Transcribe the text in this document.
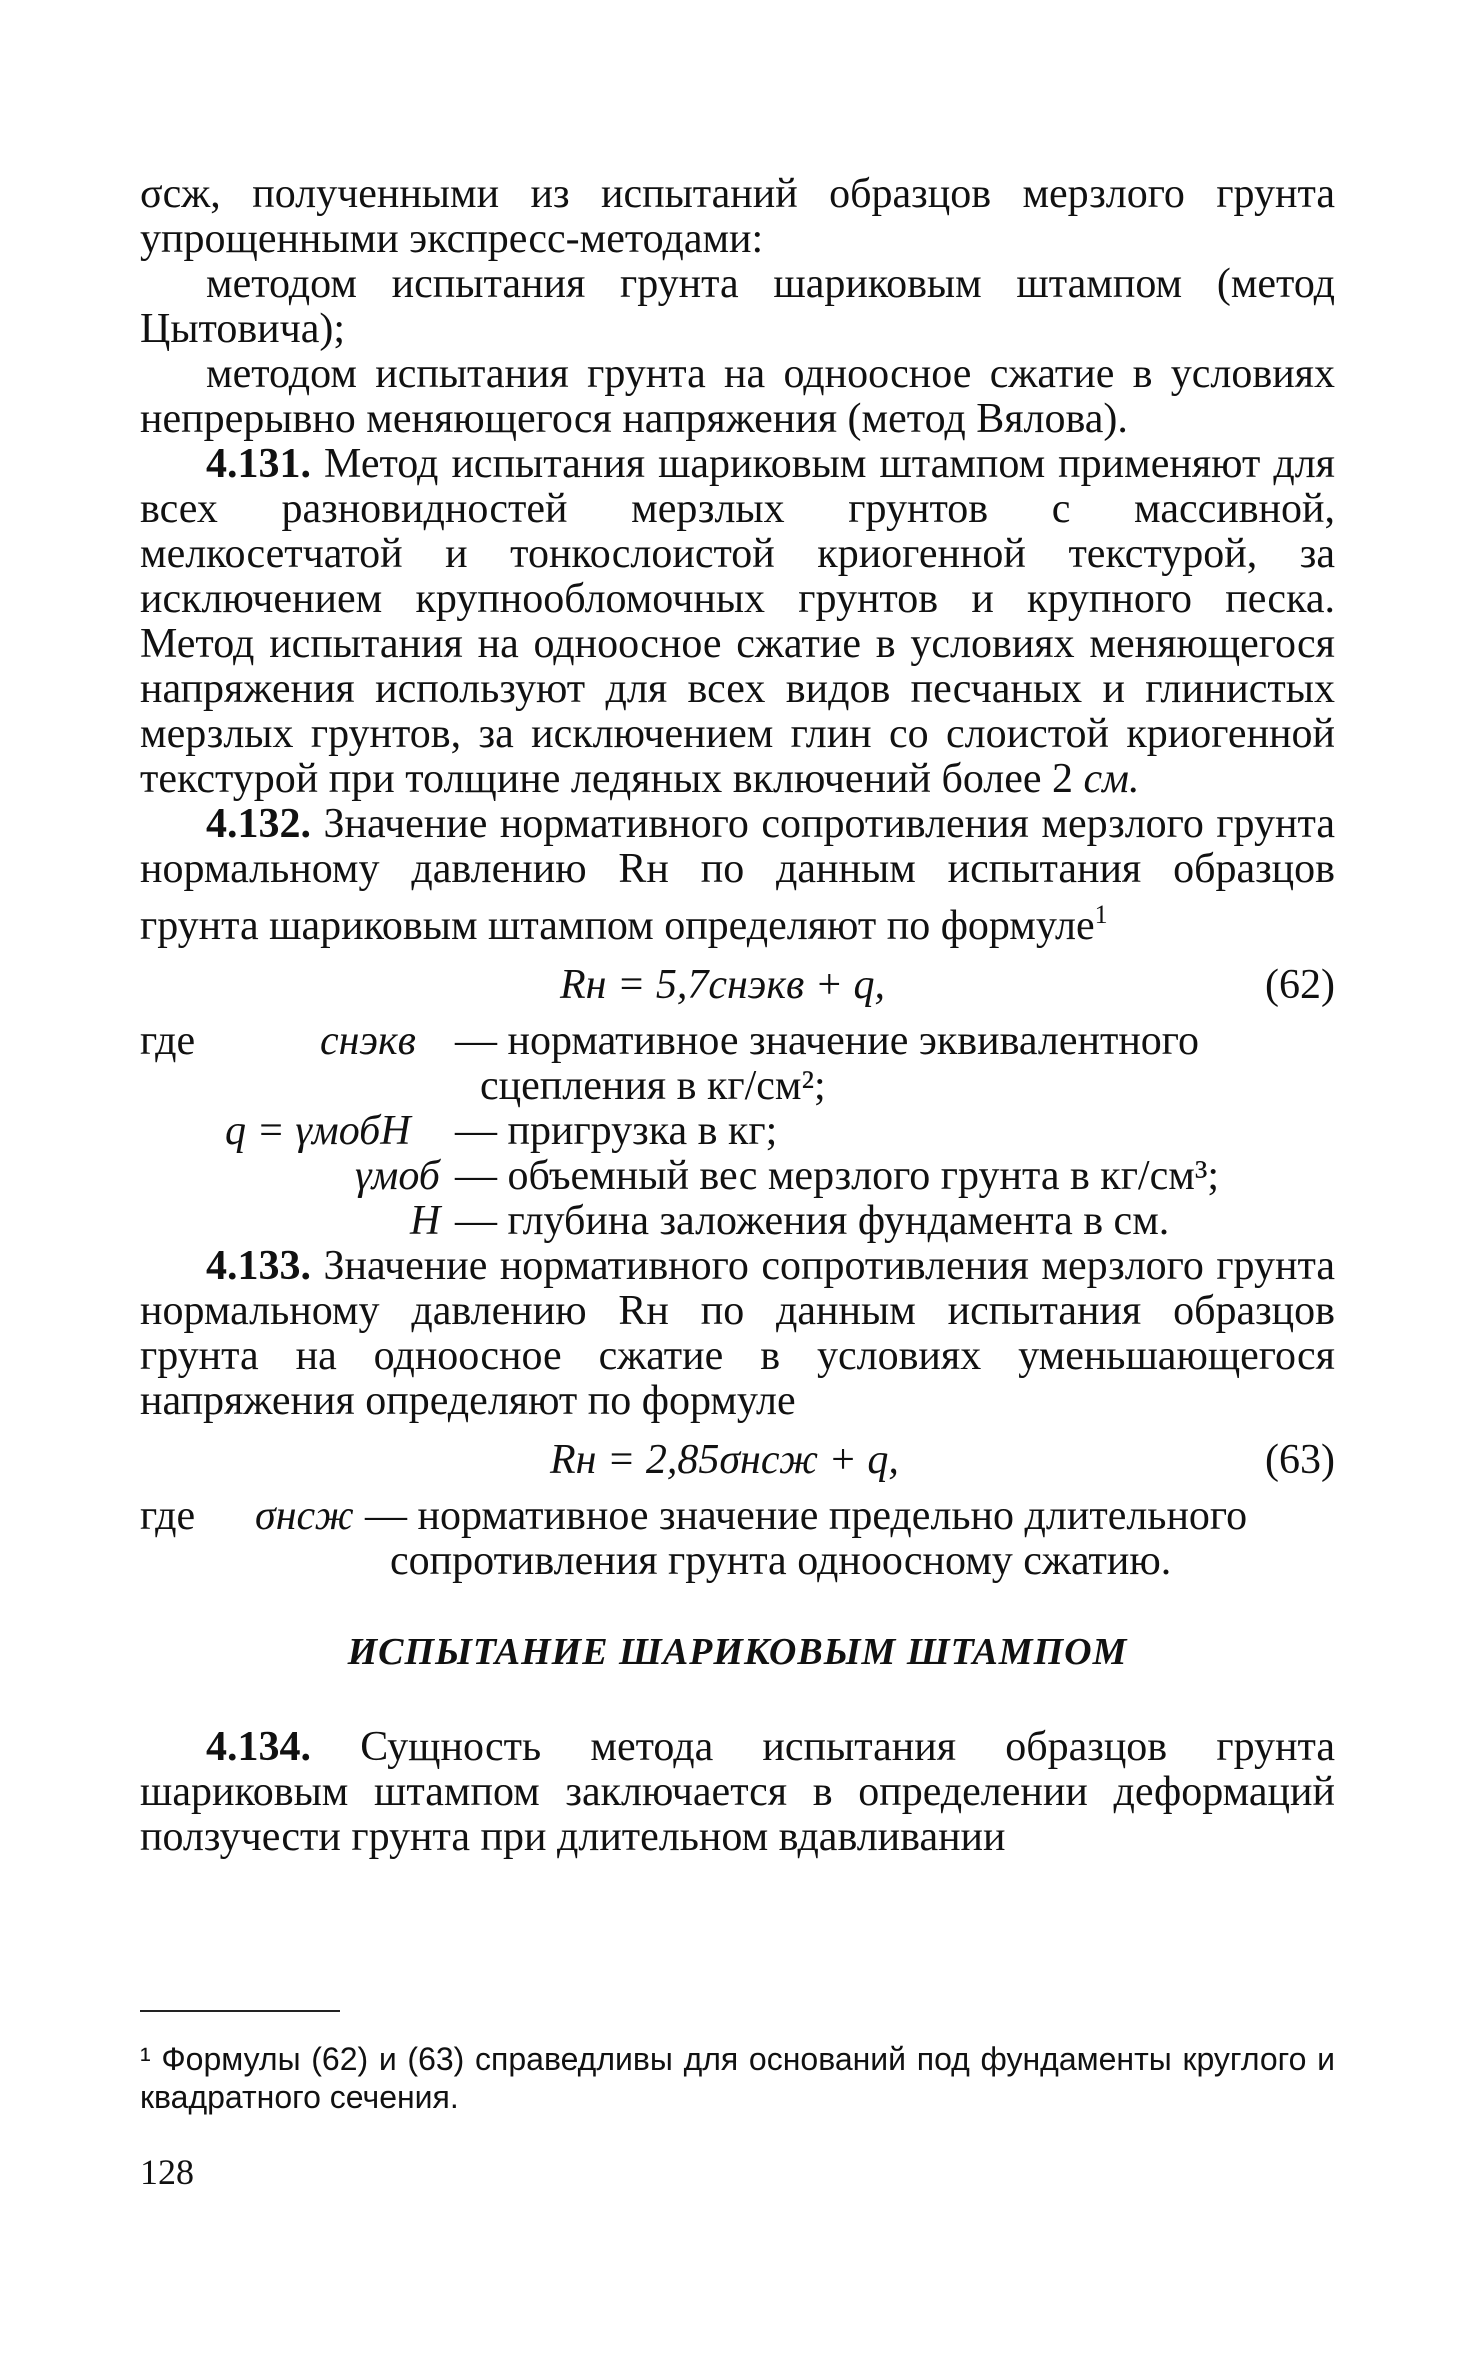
σсж, полученными из испытаний образцов мерзлого грунта упрощенными экспресс-методами:

методом испытания грунта шариковым штампом (метод Цытовича);

методом испытания грунта на одноосное сжатие в условиях непрерывно меняющегося напряжения (метод Вялова).

4.131. Метод испытания шариковым штампом применяют для всех разновидностей мерзлых грунтов с массивной, мелкосетчатой и тонкослоистой криогенной текстурой, за исключением крупнообломочных грунтов и крупного песка. Метод испытания на одноосное сжатие в условиях меняющегося напряжения используют для всех видов песчаных и глинистых мерзлых грунтов, за исключением глин со слоистой криогенной текстурой при толщине ледяных включений более 2 см.

4.132. Значение нормативного сопротивления мерзлого грунта нормальному давлению Rн по данным испытания образцов грунта шариковым штампом определяют по формуле$^1$

Rн = 5,7cнэкв + q,	(62)
где	cнэкв — нормативное значение эквивалентного
сцепления в кг/см²;
q = γмобH — пригрузка в кг;
γмоб — объемный вес мерзлого грунта в кг/см³;
H — глубина заложения фундамента в см.

4.133. Значение нормативного сопротивления мерзлого грунта нормальному давлению Rн по данным испытания образцов грунта на одноосное сжатие в условиях уменьшающегося напряжения определяют по формуле

Rн = 2,85σнсж + q,	(63)
где σнсж — нормативное значение предельно длительного
сопротивления грунта одноосному сжатию.
ИСПЫТАНИЕ ШАРИКОВЫМ ШТАМПОМ

4.134. Сущность метода испытания образцов грунта шариковым штампом заключается в определении деформаций ползучести грунта при длительном вдавливании

¹ Формулы (62) и (63) справедливы для оснований под фундаменты круглого и квадратного сечения.
128
